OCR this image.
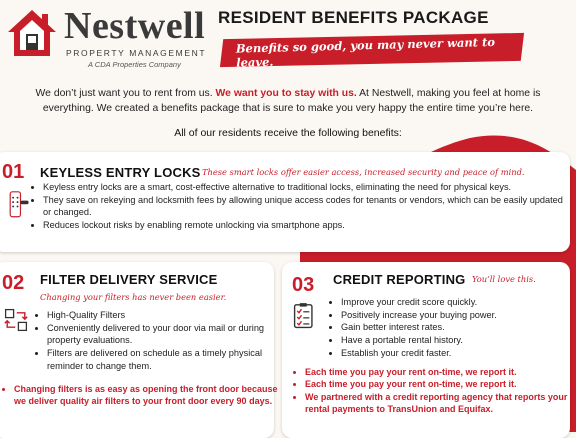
Nestwell
PROPERTY MANAGEMENT
A CDA Properties Company
RESIDENT BENEFITS PACKAGE
Benefits so good, you may never want to leave.
We don’t just want you to rent from us. We want you to stay with us. At Nestwell, making you feel at home is everything. We created a benefits package that is sure to make you very happy the entire time you’re here.
All of our residents receive the following benefits:
01 KEYLESS ENTRY LOCKS These smart locks offer easier access, increased security and peace of mind.
• Keyless entry locks are a smart, cost-effective alternative to traditional locks, eliminating the need for physical keys.
• They save on rekeying and locksmith fees by allowing unique access codes for tenants or vendors, which can be easily updated or changed.
• Reduces lockout risks by enabling remote unlocking via smartphone apps.
02 FILTER DELIVERY SERVICE
Changing your filters has never been easier.
• High-Quality Filters
• Conveniently delivered to your door via mail or during property evaluations.
• Filters are delivered on schedule as a timely physical reminder to change them.
• Changing filters is as easy as opening the front door because we deliver quality air filters to your front door every 90 days.
03 CREDIT REPORTING You’ll love this.
• Improve your credit score quickly.
• Positively increase your buying power.
• Gain better interest rates.
• Have a portable rental history.
• Establish your credit faster.
• Each time you pay your rent on-time, we report it.
• Each time you pay your rent on-time, we report it.
• We partnered with a credit reporting agency that reports your rental payments to TransUnion and Equifax.
